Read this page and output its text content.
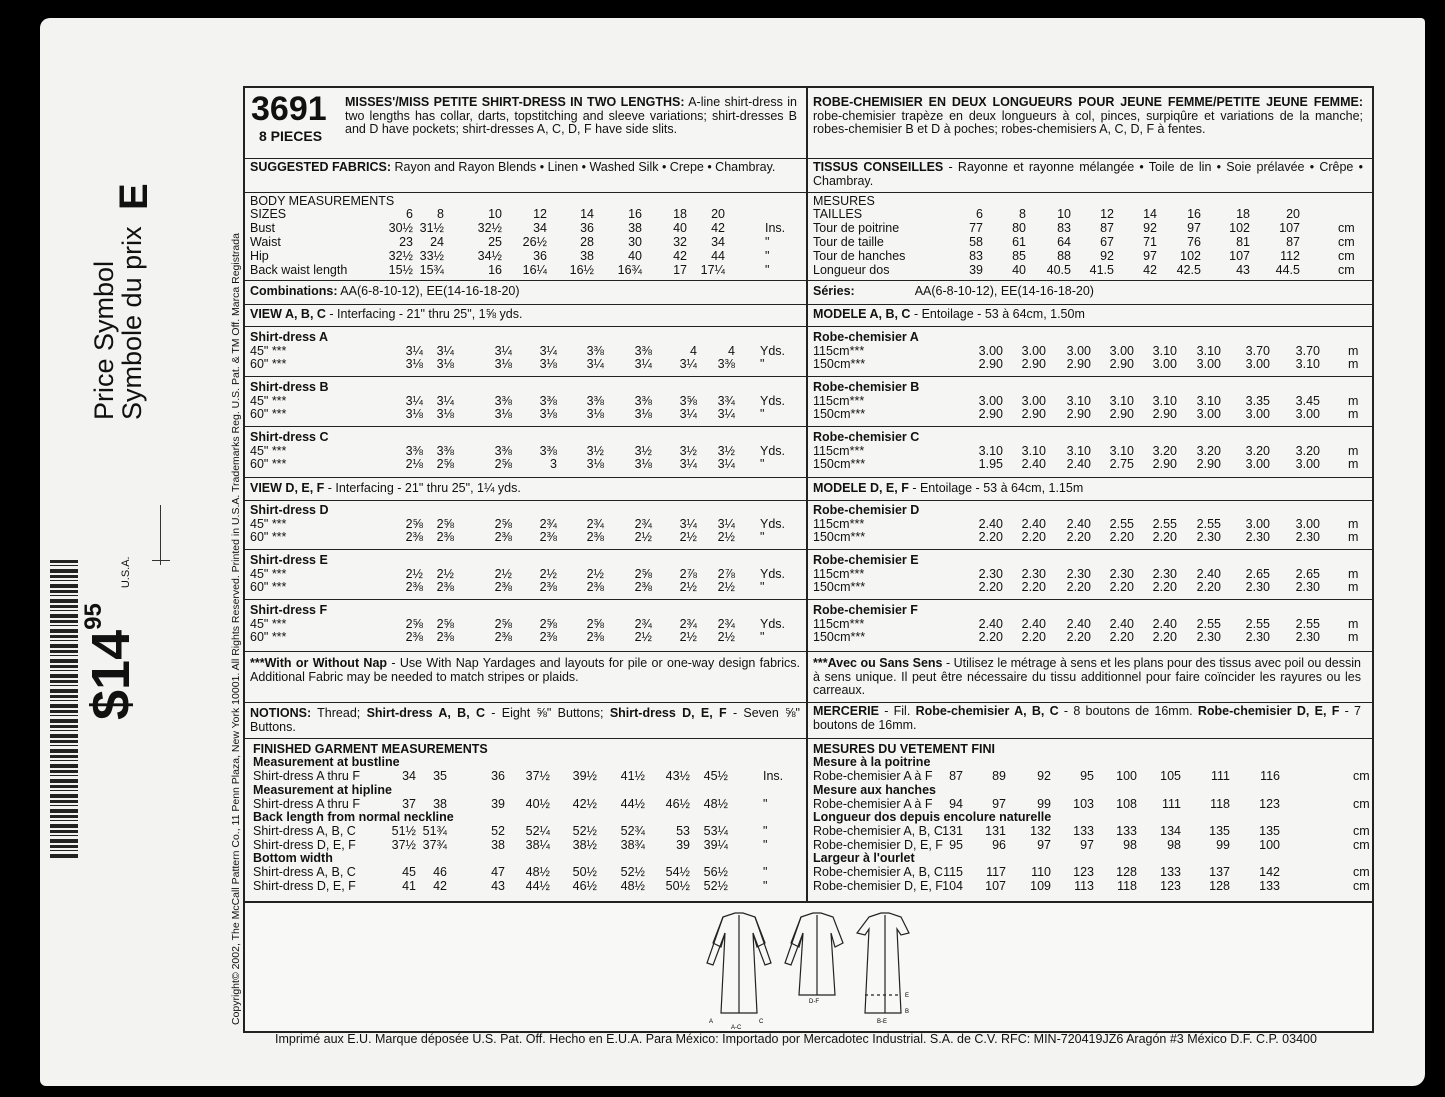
E
Price Symbol
Symbole du prix
$\$14^{95}$ U.S.A.	Copyright© 2002, The McCall Pattern Co., 11 Penn Plaza, New York 10001. All Rights Reserved. Printed in U.S.A. Trademarks Reg. U.S. Pat. & TM Off. Marca Registrada
3691
8 PIECES
MISSES'/MISS PETITE SHIRT-DRESS IN TWO LENGTHS: A-line shirt-dress in two lengths has collar, darts, topstitching and sleeve variations; shirt-dresses B and D have pockets; shirt-dresses A, C, D, F have side slits.
SUGGESTED FABRICS: Rayon and Rayon Blends • Linen • Washed Silk • Crepe • Chambray.
BODY MEASUREMENTS
SIZES	6	8	10	12	14	16	18	20
Bust	30½ 31½	32½	34	36	38	40	42	Ins.
Waist	23	24	25	26½	28	30	32	34	"
Hip	32½ 33½	34½	36	38	40	42	44	"
Back waist length	15½ 15¾	16	16¼	16½	16¾	17	17¼	"
Combinations: AA(6-8-10-12), EE(14-16-18-20)
VIEW A, B, C - Interfacing - 21" thru 25", 1⅝ yds.
Shirt-dress A
45" ***	3¼	3¼	3¼	3¼	3⅜	3⅜	4	4 Yds.
60" ***	3⅛	3⅛	3⅛	3⅛	3¼	3¼	3¼	3⅜ "
Shirt-dress B
45" ***	3¼	3¼	3⅜	3⅜	3⅜	3⅜	3⅝	3¾ Yds.
60" ***	3⅛	3⅛	3⅛	3⅛	3⅛	3⅛	3¼	3¼ "
Shirt-dress C
45" ***	3⅜	3⅜	3⅜	3⅜	3½	3½	3½	3½ Yds.
60" ***	2⅛	2⅝	2⅝	3	3⅛	3⅛	3¼	3¼ "
VIEW D, E, F - Interfacing - 21" thru 25", 1¼ yds.
Shirt-dress D
45" ***	2⅝	2⅝	2⅝	2¾	2¾	2¾	3¼	3¼ Yds.
60" ***	2⅜	2⅜	2⅜	2⅜	2⅜	2½	2½	2½ "
Shirt-dress E
45" ***	2½	2½	2½	2½	2½	2⅝	2⅞	2⅞ Yds.
60" ***	2⅜	2⅜	2⅜	2⅜	2⅜	2⅜	2½	2½ "
Shirt-dress F
45" ***	2⅝	2⅝	2⅝	2⅝	2⅝	2¾	2¾	2¾ Yds.
60" ***	2⅜	2⅜	2⅜	2⅜	2⅜	2½	2½	2½ "
***With or Without Nap - Use With Nap Yardages and layouts for pile or one-way design fabrics. Additional Fabric may be needed to match stripes or plaids.
NOTIONS: Thread; Shirt-dress A, B, C - Eight ⅝" Buttons; Shirt-dress D, E, F - Seven ⅝" Buttons.
FINISHED GARMENT MEASUREMENTS
Measurement at bustline
Shirt-dress A thru F	34	35	36	37½	39½	41½	43½	45½	Ins.
Measurement at hipline
Shirt-dress A thru F	37	38	39	40½	42½	44½	46½	48½	"
Back length from normal neckline
Shirt-dress A, B, C	51½ 51¾	52	52¼	52½	52¾	53	53¼	"
Shirt-dress D, E, F	37½ 37¾	38	38¼	38½	38¾	39	39¼	"
Bottom width
Shirt-dress A, B, C	45	46	47	48½	50½	52½	54½	56½	"
Shirt-dress D, E, F	41	42	43	44½	46½	48½	50½	52½	"
ROBE-CHEMISIER EN DEUX LONGUEURS POUR JEUNE FEMME/PETITE JEUNE FEMME: robe-chemisier trapèze en deux longueurs à col, pinces, surpiqûre et variations de la manche; robes-chemisier B et D à poches; robes-chemisiers A, C, D, F à fentes.
TISSUS CONSEILLES - Rayonne et rayonne mélangée • Toile de lin • Soie prélavée • Crêpe • Chambray.
MESURES
TAILLES	6	8	10	12	14	16	18	20
Tour de poitrine	77	80	83	87	92	97	102	107	cm
Tour de taille	58	61	64	67	71	76	81	87	cm
Tour de hanches	83	85	88	92	97	102	107	112	cm
Longueur dos	39	40	40.5	41.5	42	42.5	43	44.5	cm
Séries:	AA(6-8-10-12), EE(14-16-18-20)
MODELE A, B, C - Entoilage - 53 à 64cm, 1.50m
Robe-chemisier A
115cm***	3.00	3.00	3.00	3.00	3.10	3.10	3.70	3.70 m
150cm***	2.90	2.90	2.90	2.90	3.00	3.00	3.00	3.10 m
Robe-chemisier B
115cm***	3.00	3.00	3.10	3.10	3.10	3.10	3.35	3.45 m
150cm***	2.90	2.90	2.90	2.90	2.90	3.00	3.00	3.00 m
Robe-chemisier C
115cm***	3.10	3.10	3.10	3.10	3.20	3.20	3.20	3.20 m
150cm***	1.95	2.40	2.40	2.75	2.90	2.90	3.00	3.00 m
MODELE D, E, F - Entoilage - 53 à 64cm, 1.15m
Robe-chemisier D
115cm***	2.40	2.40	2.40	2.55	2.55	2.55	3.00	3.00 m
150cm***	2.20	2.20	2.20	2.20	2.20	2.30	2.30	2.30 m
Robe-chemisier E
115cm***	2.30	2.30	2.30	2.30	2.30	2.40	2.65	2.65 m
150cm***	2.20	2.20	2.20	2.20	2.20	2.20	2.30	2.30 m
Robe-chemisier F
115cm***	2.40	2.40	2.40	2.40	2.40	2.55	2.55	2.55 m
150cm***	2.20	2.20	2.20	2.20	2.20	2.30	2.30	2.30 m
***Avec ou Sans Sens - Utilisez le métrage à sens et les plans pour des tissus avec poil ou dessin à sens unique. Il peut être nécessaire du tissu additionnel pour faire coïncider les rayures ou les carreaux.
MERCERIE - Fil. Robe-chemisier A, B, C - 8 boutons de 16mm. Robe-chemisier D, E, F - 7 boutons de 16mm.
MESURES DU VETEMENT FINI
Mesure à la poitrine
Robe-chemisier A à F	87	89	92	95	100	105	111	116	cm
Mesure aux hanches
Robe-chemisier A à F	94	97	99	103	108	111	118	123	cm
Longueur dos depuis encolure naturelle
Robe-chemisier A, B, C 131	131	132	133	133	134	135	135	cm
Robe-chemisier D, E, F 95	96	97	97	98	98	99	100	cm
Largeur à l'ourlet
Robe-chemisier A, B, C 115	117	110	123	128	133	137	142	cm
Robe-chemisier D, E, F 104	107	109	113	118	123	128	133	cm
A	C
A-C
D-F
B-E
B
E
Imprimé aux E.U. Marque déposée U.S. Pat. Off. Hecho en E.U.A. Para México: Importado por Mercadotec Industrial. S.A. de C.V. RFC: MIN-720419JZ6 Aragón #3 México D.F. C.P. 03400
